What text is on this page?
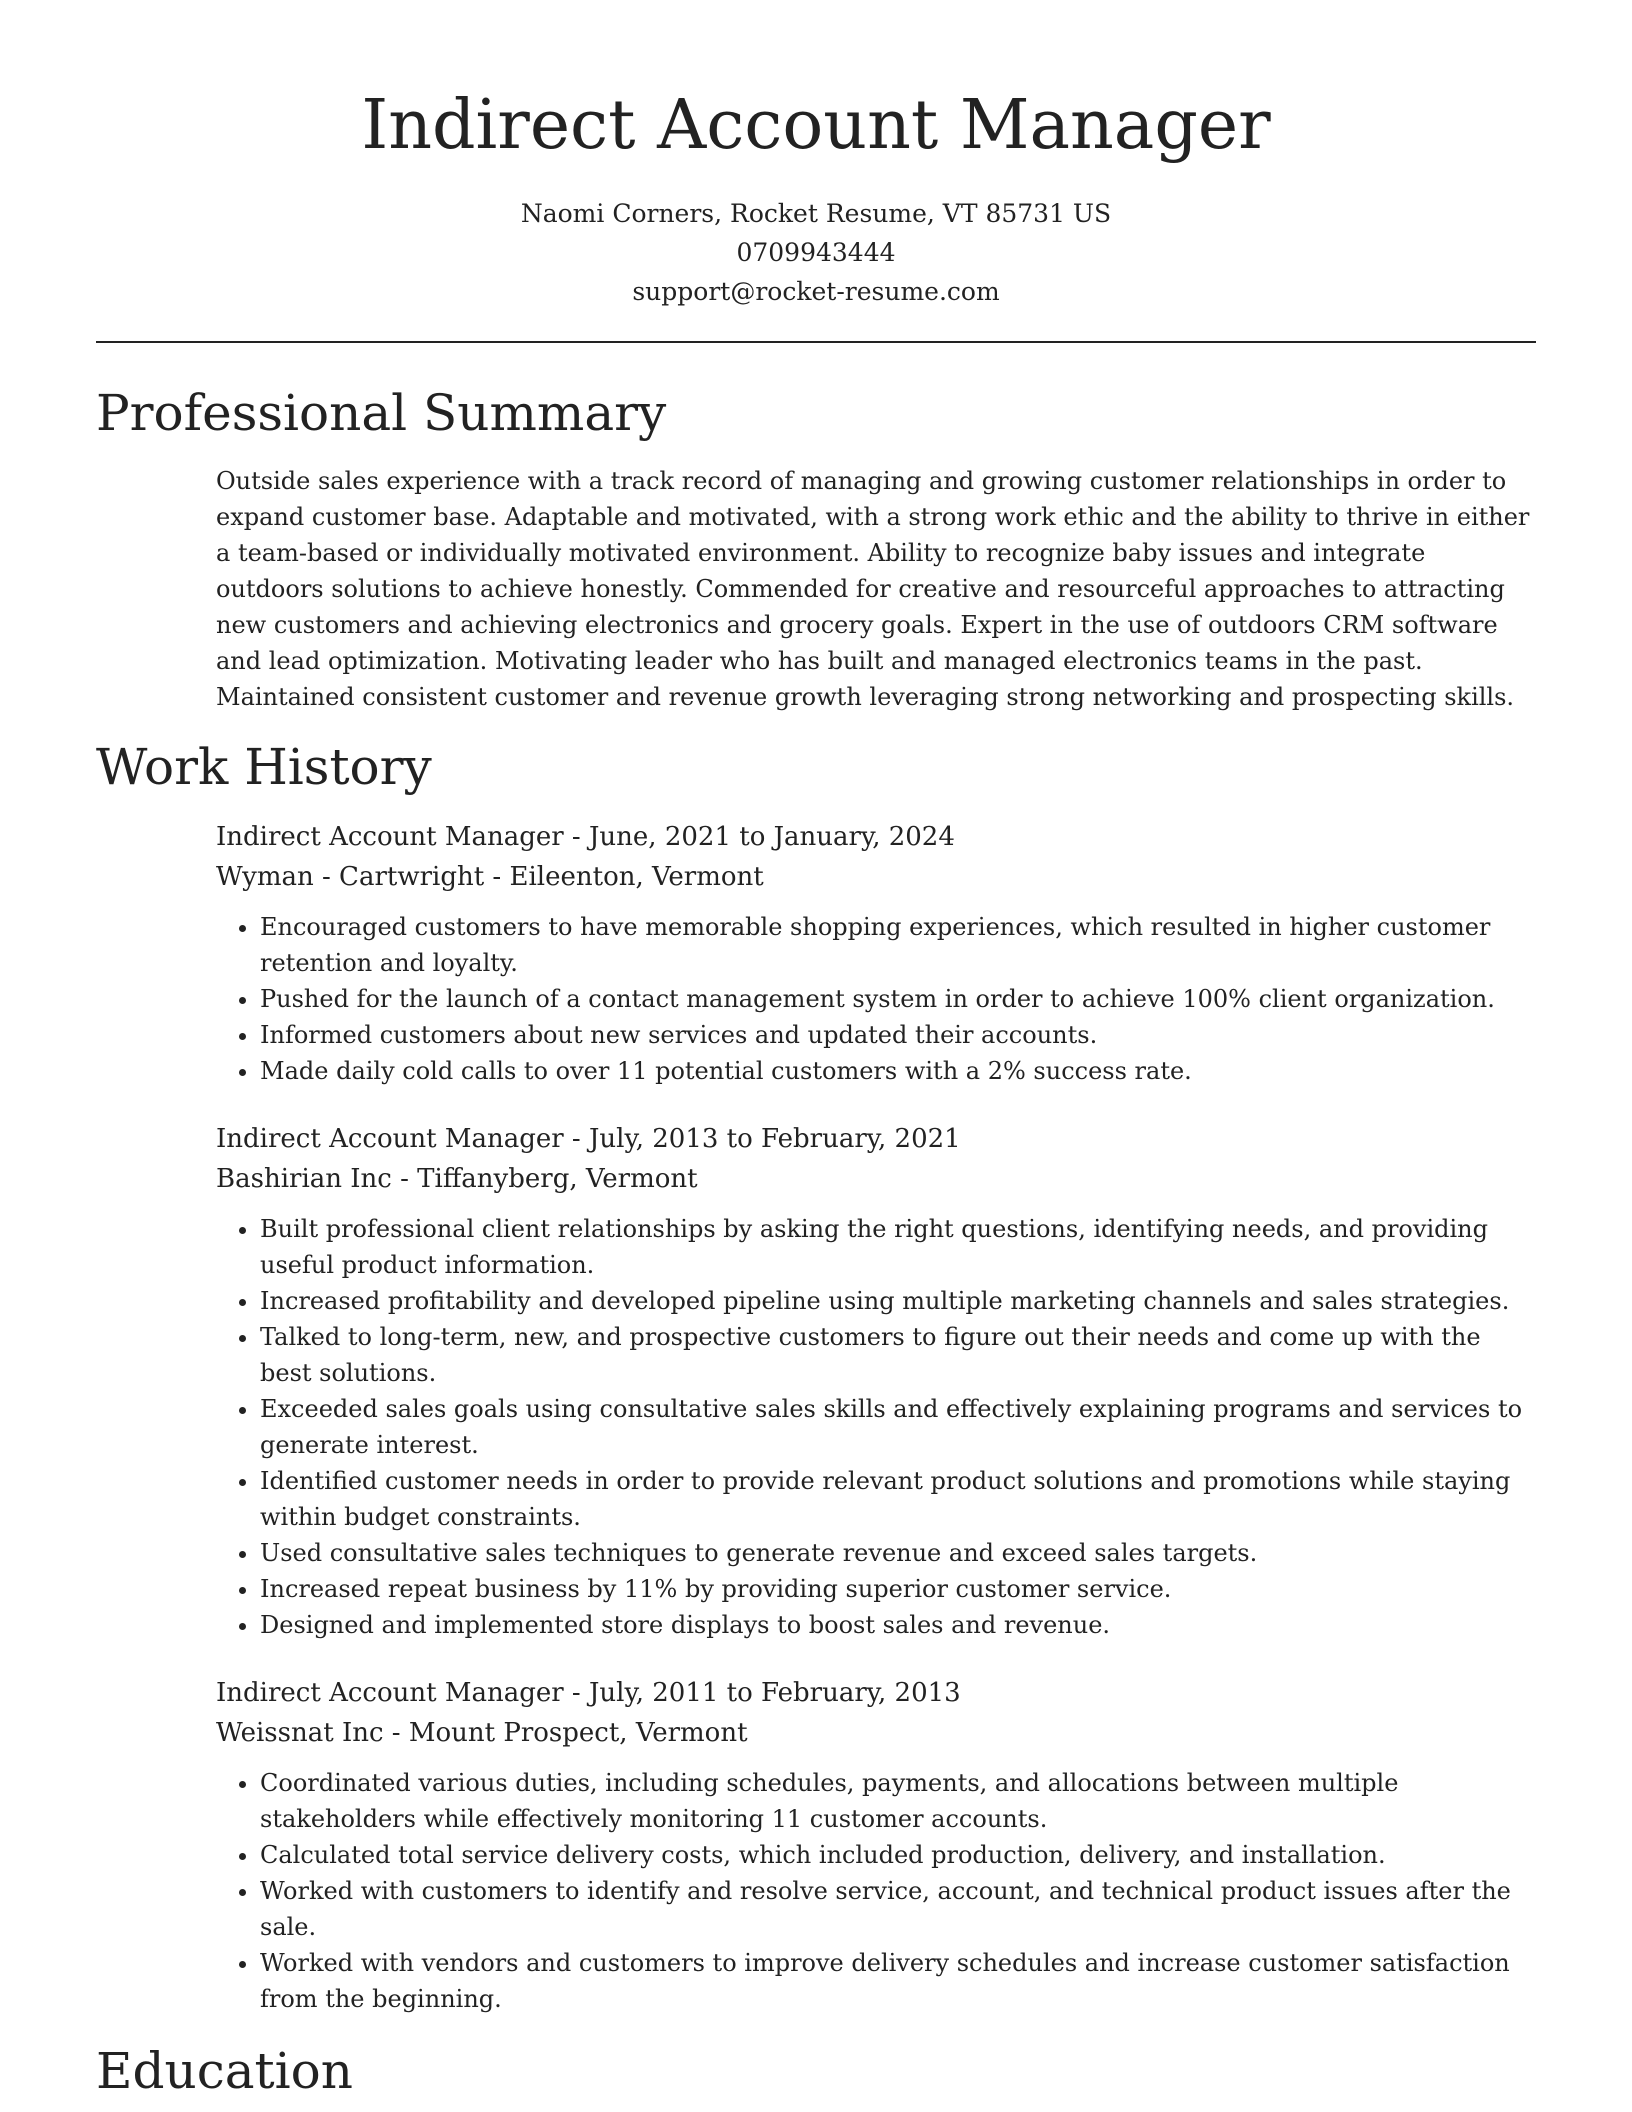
Indirect Account Manager
Naomi Corners, Rocket Resume, VT 85731 US
0709943444
support@rocket-resume.com
Professional Summary
Outside sales experience with a track record of managing and growing customer relationships in order to expand customer base. Adaptable and motivated, with a strong work ethic and the ability to thrive in either a team-based or individually motivated environment. Ability to recognize baby issues and integrate outdoors solutions to achieve honestly. Commended for creative and resourceful approaches to attracting new customers and achieving electronics and grocery goals. Expert in the use of outdoors CRM software and lead optimization. Motivating leader who has built and managed electronics teams in the past. Maintained consistent customer and revenue growth leveraging strong networking and prospecting skills.
Work History
Indirect Account Manager - June, 2021 to January, 2024
Wyman - Cartwright - Eileenton, Vermont
• Encouraged customers to have memorable shopping experiences, which resulted in higher customer retention and loyalty.
• Pushed for the launch of a contact management system in order to achieve 100% client organization.
• Informed customers about new services and updated their accounts.
• Made daily cold calls to over 11 potential customers with a 2% success rate.
Indirect Account Manager - July, 2013 to February, 2021
Bashirian Inc - Tiffanyberg, Vermont
• Built professional client relationships by asking the right questions, identifying needs, and providing useful product information.
• Increased profitability and developed pipeline using multiple marketing channels and sales strategies.
• Talked to long-term, new, and prospective customers to figure out their needs and come up with the best solutions.
• Exceeded sales goals using consultative sales skills and effectively explaining programs and services to generate interest.
• Identified customer needs in order to provide relevant product solutions and promotions while staying within budget constraints.
• Used consultative sales techniques to generate revenue and exceed sales targets.
• Increased repeat business by 11% by providing superior customer service.
• Designed and implemented store displays to boost sales and revenue.
Indirect Account Manager - July, 2011 to February, 2013
Weissnat Inc - Mount Prospect, Vermont
• Coordinated various duties, including schedules, payments, and allocations between multiple stakeholders while effectively monitoring 11 customer accounts.
• Calculated total service delivery costs, which included production, delivery, and installation.
• Worked with customers to identify and resolve service, account, and technical product issues after the sale.
• Worked with vendors and customers to improve delivery schedules and increase customer satisfaction from the beginning.
Education
